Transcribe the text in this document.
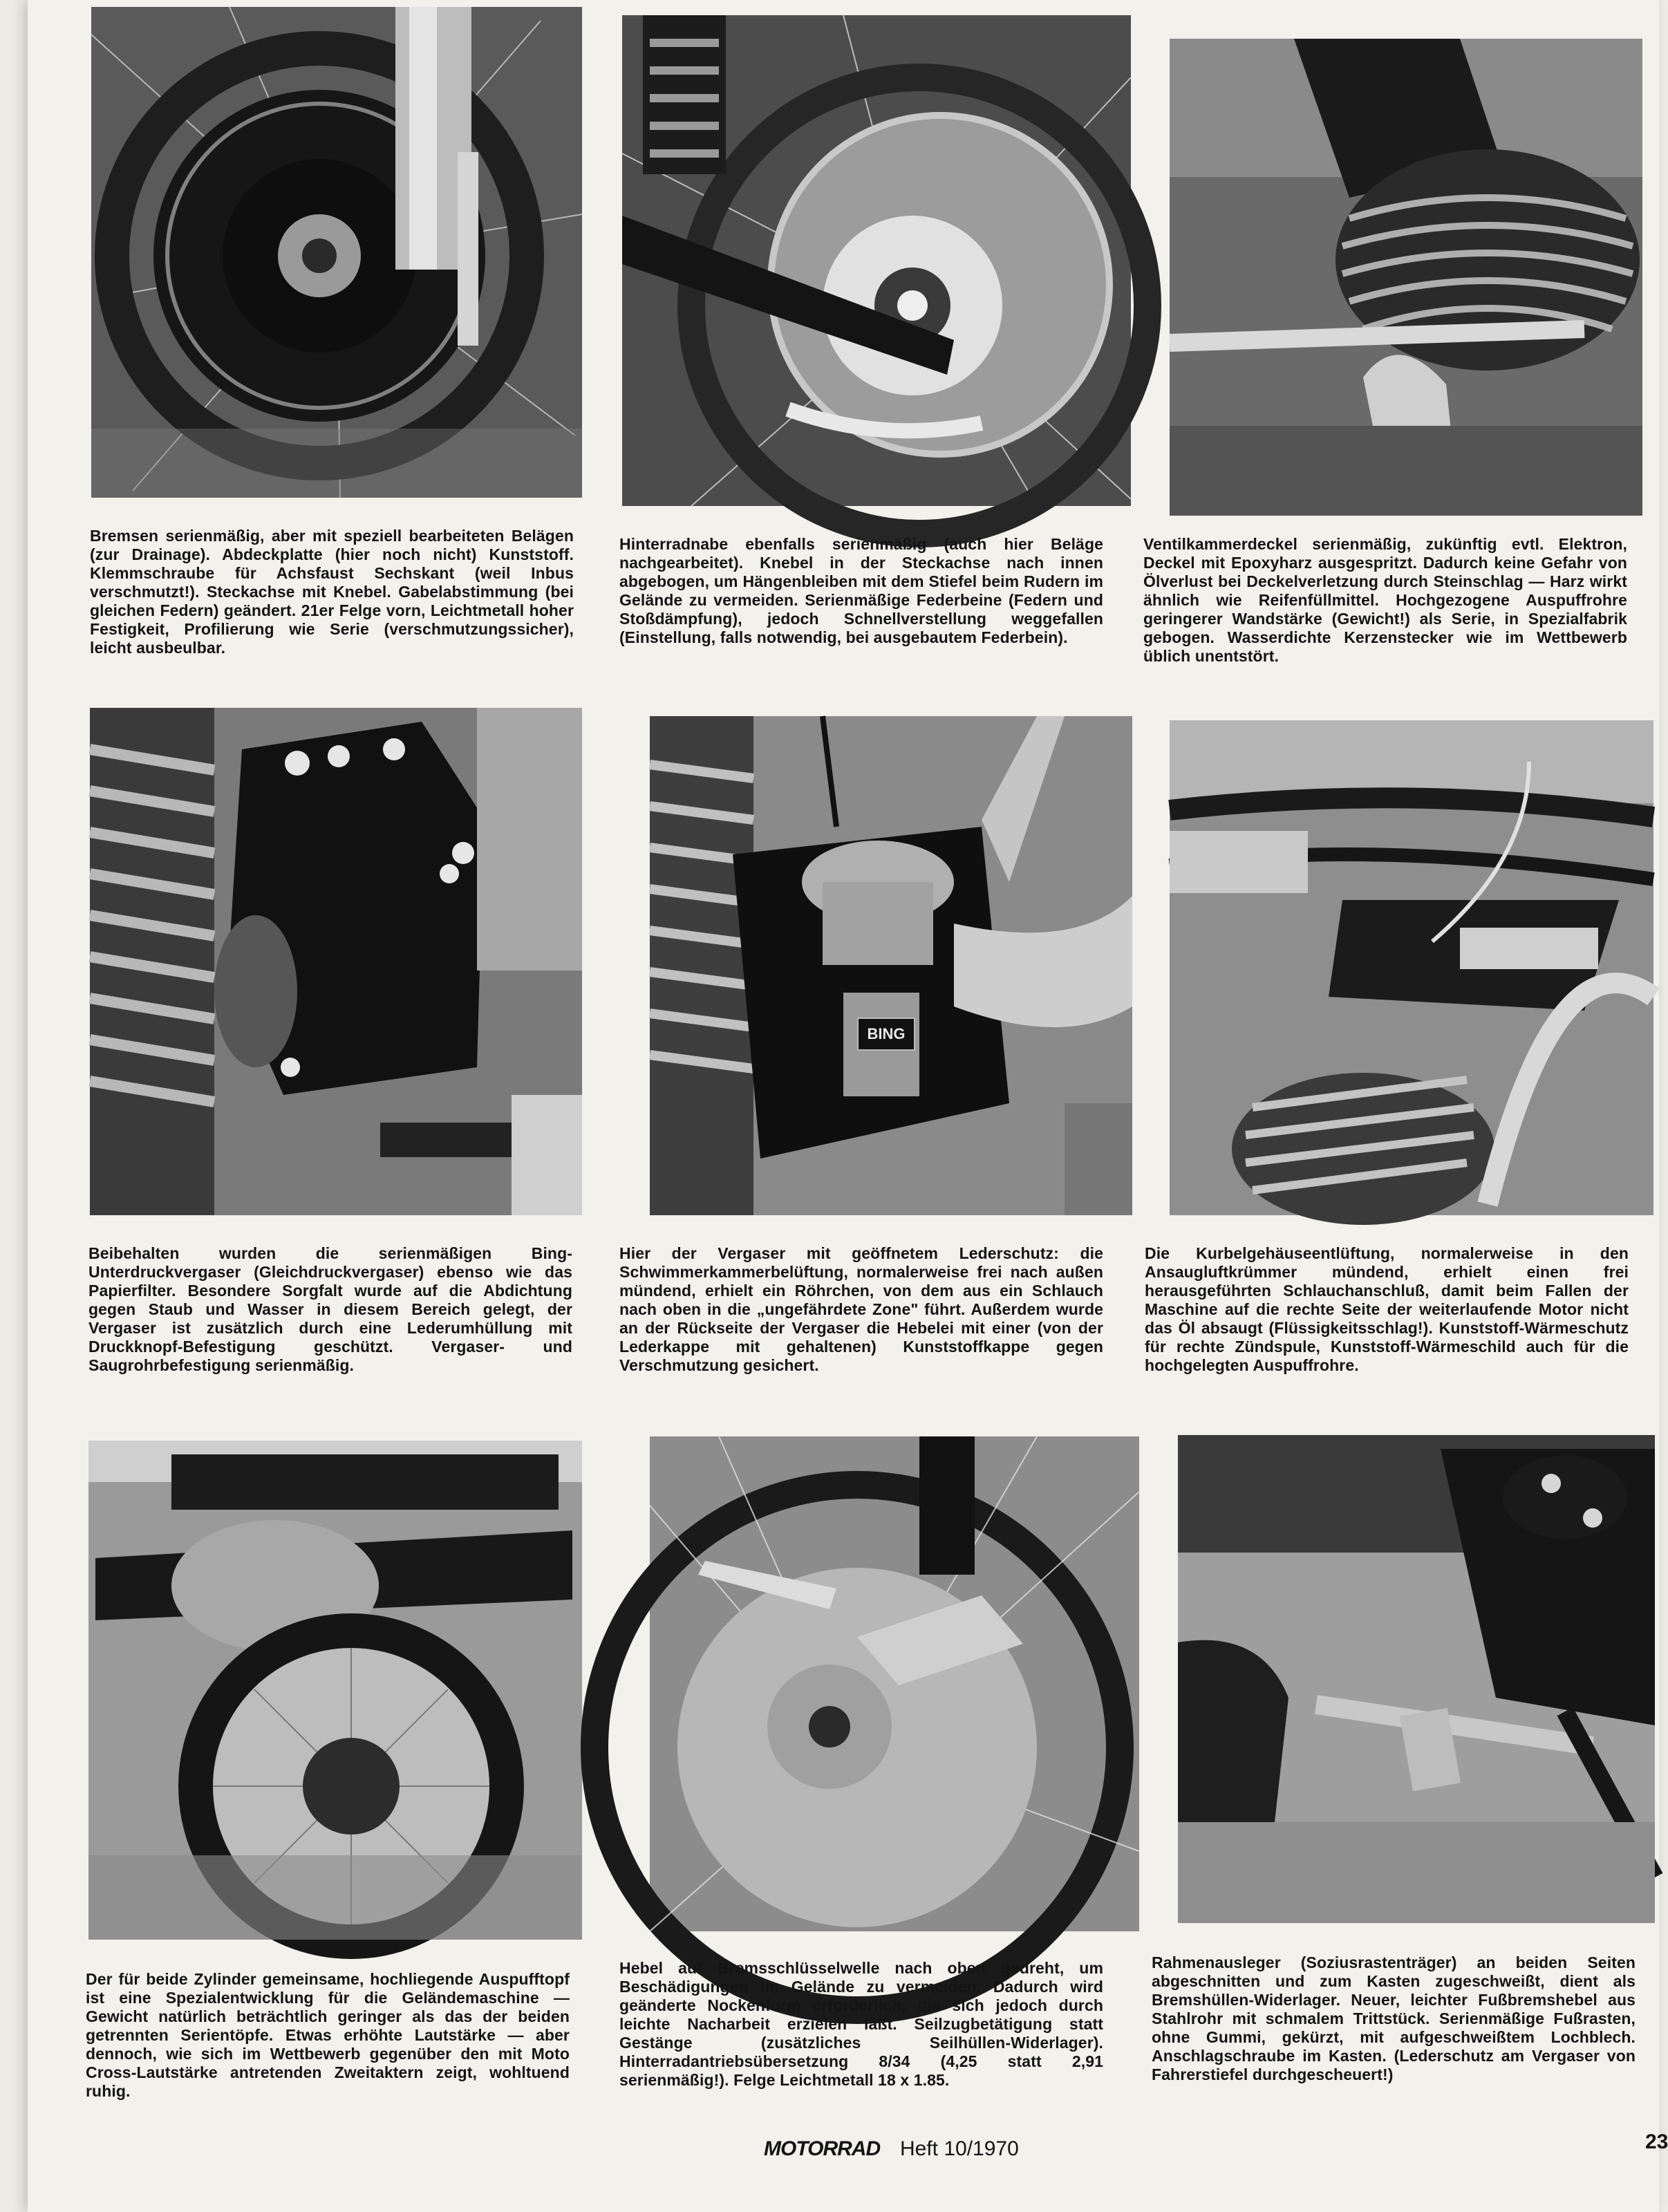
Bremsen serienmäßig, aber mit speziell bearbeiteten Belägen (zur Drainage). Abdeckplatte (hier noch nicht) Kunststoff. Klemmschraube für Achsfaust Sechskant (weil Inbus verschmutzt!). Steckachse mit Knebel. Gabelabstimmung (bei gleichen Federn) geändert. 21er Felge vorn, Leichtmetall hoher Festigkeit, Profilierung wie Serie (verschmutzungssicher), leicht ausbeulbar.

Hinterradnabe ebenfalls serienmäßig (auch hier Beläge nachgearbeitet). Knebel in der Steckachse nach innen abgebogen, um Hängenbleiben mit dem Stiefel beim Rudern im Gelände zu vermeiden. Serienmäßige Federbeine (Federn und Stoßdämpfung), jedoch Schnellverstellung weggefallen (Einstellung, falls notwendig, bei ausgebautem Federbein).

Ventilkammerdeckel serienmäßig, zukünftig evtl. Elektron, Deckel mit Epoxyharz ausgespritzt. Dadurch keine Gefahr von Ölverlust bei Deckelverletzung durch Steinschlag — Harz wirkt ähnlich wie Reifenfüllmittel. Hochgezogene Auspuffrohre geringerer Wandstärke (Gewicht!) als Serie, in Spezialfabrik gebogen. Wasserdichte Kerzenstecker wie im Wettbewerb üblich unentstört.

BING

Beibehalten wurden die serienmäßigen Bing-Unterdruckvergaser (Gleichdruckvergaser) ebenso wie das Papierfilter. Besondere Sorgfalt wurde auf die Abdichtung gegen Staub und Wasser in diesem Bereich gelegt, der Vergaser ist zusätzlich durch eine Lederumhüllung mit Druckknopf-Befestigung geschützt. Vergaser- und Saugrohrbefestigung serienmäßig.

Hier der Vergaser mit geöffnetem Lederschutz: die Schwimmerkammerbelüftung, normalerweise frei nach außen mündend, erhielt ein Röhrchen, von dem aus ein Schlauch nach oben in die „ungefährdete Zone" führt. Außerdem wurde an der Rückseite der Vergaser die Hebelei mit einer (von der Lederkappe mit gehaltenen) Kunststoffkappe gegen Verschmutzung gesichert.

Die Kurbelgehäuseentlüftung, normalerweise in den Ansaugluftkrümmer mündend, erhielt einen frei herausgeführten Schlauchanschluß, damit beim Fallen der Maschine auf die rechte Seite der weiterlaufende Motor nicht das Öl absaugt (Flüssigkeitsschlag!). Kunststoff-Wärmeschutz für rechte Zündspule, Kunststoff-Wärmeschild auch für die hochgelegten Auspuffrohre.

Der für beide Zylinder gemeinsame, hochliegende Auspufftopf ist eine Spezialentwicklung für die Geländemaschine — Gewicht natürlich beträchtlich geringer als das der beiden getrennten Serientöpfe. Etwas erhöhte Lautstärke — aber dennoch, wie sich im Wettbewerb gegenüber den mit Moto Cross-Lautstärke antretenden Zweitaktern zeigt, wohltuend ruhig.

Hebel auf Bremsschlüsselwelle nach oben gedreht, um Beschädigungen im Gelände zu vermeiden. Dadurch wird geänderte Nockenform erforderlich, die sich jedoch durch leichte Nacharbeit erzielen läßt. Seilzugbetätigung statt Gestänge (zusätzliches Seilhüllen-Widerlager). Hinterradantriebsübersetzung 8/34 (4,25 statt 2,91 serienmäßig!). Felge Leichtmetall 18 x 1.85.

Rahmenausleger (Soziusrastenträger) an beiden Seiten abgeschnitten und zum Kasten zugeschweißt, dient als Bremshüllen-Widerlager. Neuer, leichter Fußbremshebel aus Stahlrohr mit schmalem Trittstück. Serienmäßige Fußrasten, ohne Gummi, gekürzt, mit aufgeschweißtem Lochblech. Anschlagschraube im Kasten. (Lederschutz am Vergaser von Fahrerstiefel durchgescheuert!)

MOTORRAD Heft 10/1970	23
